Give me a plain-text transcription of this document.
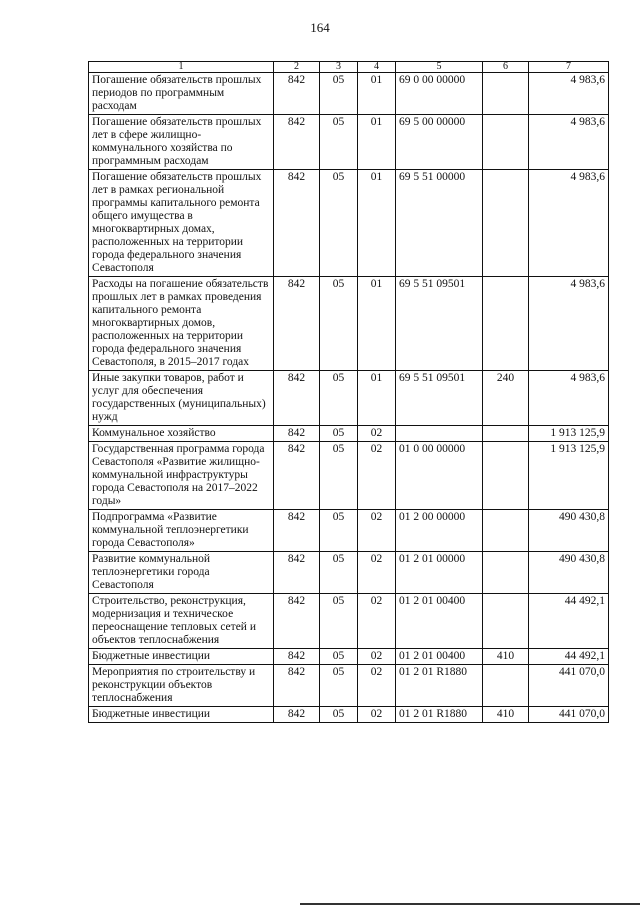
164
1	2	3	4	5	6	7
Погашение обязательств прошлых периодов по программным расходам	842	05	01	69 0 00 00000		4 983,6
Погашение обязательств прошлых лет в сфере жилищно-коммунального хозяйства по программным расходам	842	05	01	69 5 00 00000		4 983,6
Погашение обязательств прошлых лет в рамках региональной программы капитального ремонта общего имущества в многоквартирных домах, расположенных на территории города федерального значения Севастополя	842	05	01	69 5 51 00000		4 983,6
Расходы на погашение обязательств прошлых лет в рамках проведения капитального ремонта многоквартирных домов, расположенных на территории города федерального значения Севастополя, в 2015–2017 годах	842	05	01	69 5 51 09501		4 983,6
Иные закупки товаров, работ и услуг для обеспечения государственных (муниципальных) нужд	842	05	01	69 5 51 09501	240	4 983,6
Коммунальное хозяйство	842	05	02			1 913 125,9
Государственная программа города Севастополя «Развитие жилищно-коммунальной инфраструктуры города Севастополя на 2017–2022 годы»	842	05	02	01 0 00 00000		1 913 125,9
Подпрограмма «Развитие коммунальной теплоэнергетики города Севастополя»	842	05	02	01 2 00 00000		490 430,8
Развитие коммунальной теплоэнергетики города Севастополя	842	05	02	01 2 01 00000		490 430,8
Строительство, реконструкция, модернизация и техническое переоснащение тепловых сетей и объектов теплоснабжения	842	05	02	01 2 01 00400		44 492,1
Бюджетные инвестиции	842	05	02	01 2 01 00400	410	44 492,1
Мероприятия по строительству и реконструкции объектов теплоснабжения	842	05	02	01 2 01 R1880		441 070,0
Бюджетные инвестиции	842	05	02	01 2 01 R1880	410	441 070,0
